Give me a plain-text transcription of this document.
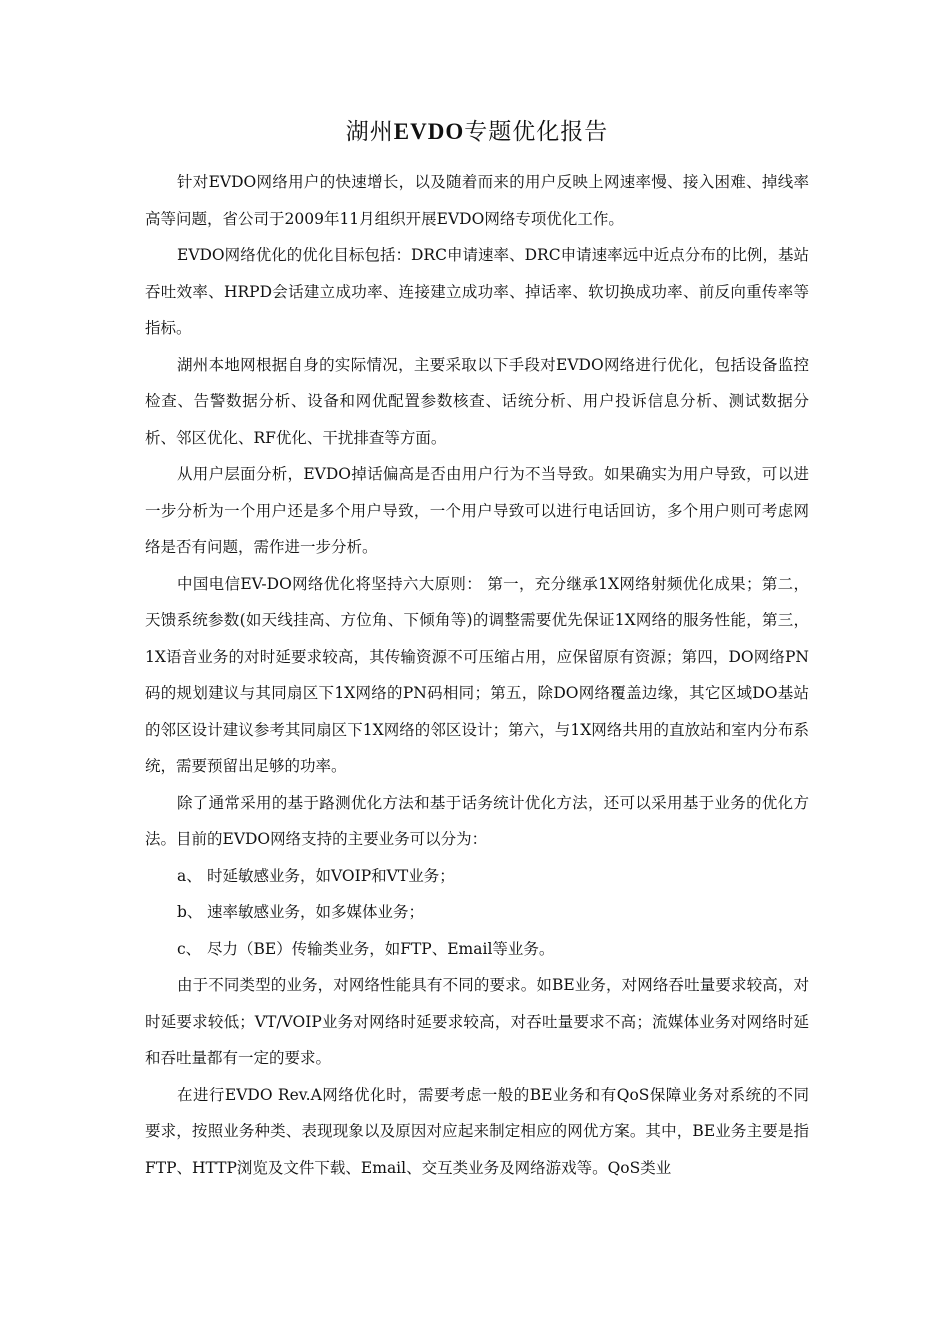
湖州EVDO专题优化报告

针对EVDO网络用户的快速增长，以及随着而来的用户反映上网速率慢、接入困难、掉线率高等问题，省公司于2009年11月组织开展EVDO网络专项优化工作。

EVDO网络优化的优化目标包括：DRC申请速率、DRC申请速率远中近点分布的比例，基站吞吐效率、HRPD会话建立成功率、连接建立成功率、掉话率、软切换成功率、前反向重传率等指标。

湖州本地网根据自身的实际情况，主要采取以下手段对EVDO网络进行优化，包括设备监控检查、告警数据分析、设备和网优配置参数核查、话统分析、用户投诉信息分析、测试数据分析、邻区优化、RF优化、干扰排查等方面。

从用户层面分析，EVDO掉话偏高是否由用户行为不当导致。如果确实为用户导致，可以进一步分析为一个用户还是多个用户导致，一个用户导致可以进行电话回访，多个用户则可考虑网络是否有问题，需作进一步分析。

中国电信EV-DO网络优化将坚持六大原则： 第一，充分继承1X网络射频优化成果；第二，天馈系统参数(如天线挂高、方位角、下倾角等)的调整需要优先保证1X网络的服务性能，第三，1X语音业务的对时延要求较高，其传输资源不可压缩占用，应保留原有资源；第四，DO网络PN码的规划建议与其同扇区下1X网络的PN码相同；第五，除DO网络覆盖边缘，其它区域DO基站的邻区设计建议参考其同扇区下1X网络的邻区设计；第六，与1X网络共用的直放站和室内分布系统，需要预留出足够的功率。

除了通常采用的基于路测优化方法和基于话务统计优化方法，还可以采用基于业务的优化方法。目前的EVDO网络支持的主要业务可以分为：

a、 时延敏感业务，如VOIP和VT业务；

b、 速率敏感业务，如多媒体业务；

c、 尽力（BE）传输类业务，如FTP、Email等业务。

由于不同类型的业务，对网络性能具有不同的要求。如BE业务，对网络吞吐量要求较高，对时延要求较低；VT/VOIP业务对网络时延要求较高，对吞吐量要求不高；流媒体业务对网络时延和吞吐量都有一定的要求。

在进行EVDO Rev.A网络优化时，需要考虑一般的BE业务和有QoS保障业务对系统的不同要求，按照业务种类、表现现象以及原因对应起来制定相应的网优方案。其中，BE业务主要是指FTP、HTTP浏览及文件下载、Email、交互类业务及网络游戏等。QoS类业
